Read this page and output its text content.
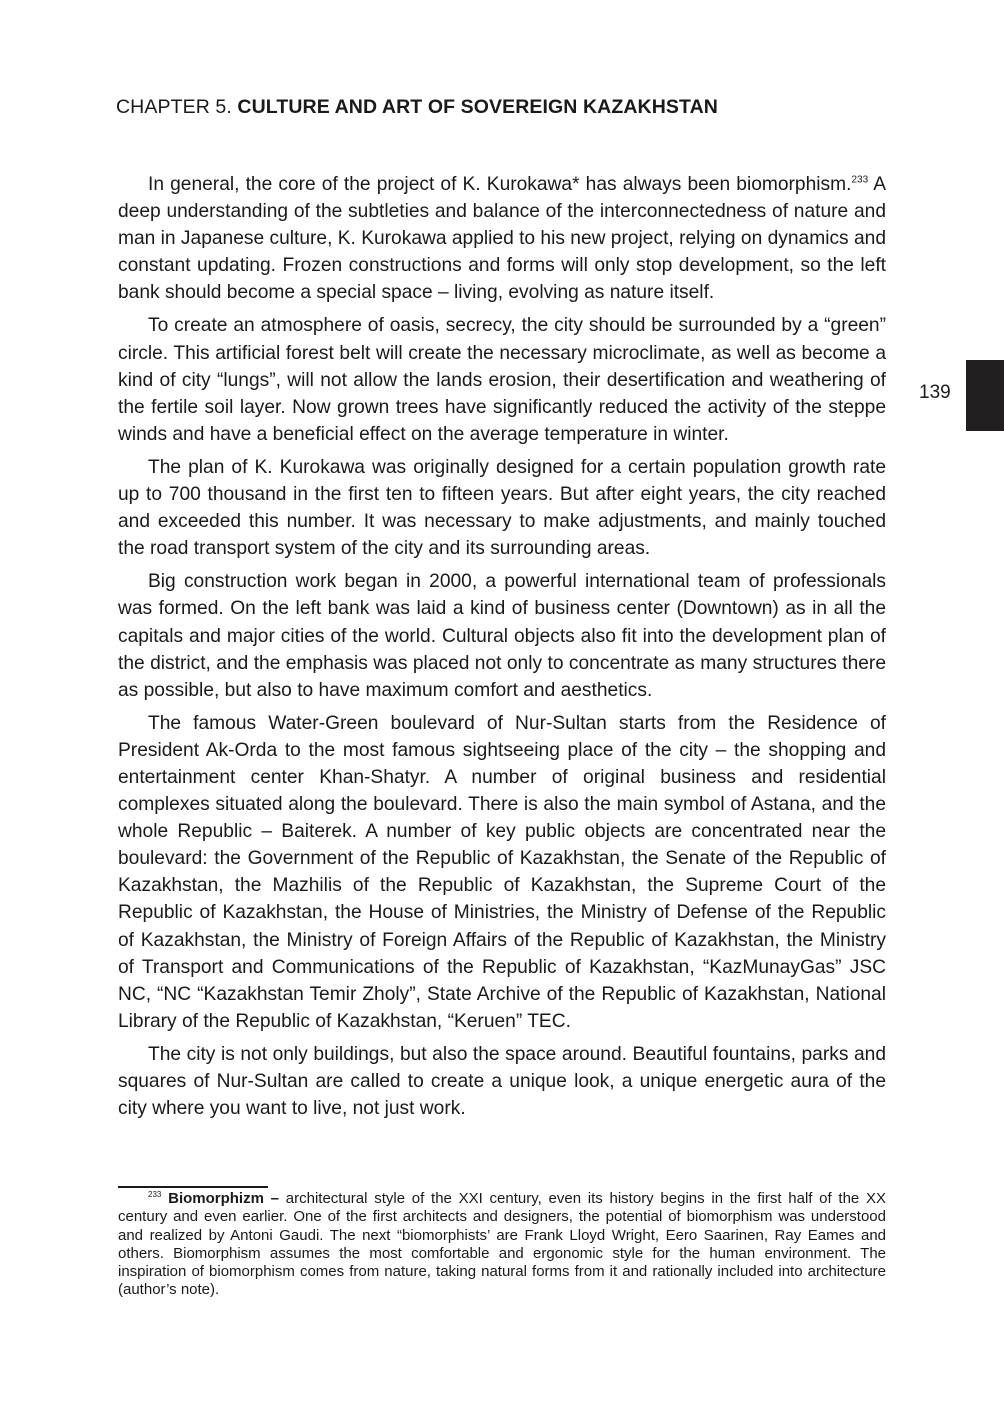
CHAPTER 5. CULTURE AND ART OF SOVEREIGN KAZAKHSTAN
139

In general, the core of the project of K. Kurokawa* has always been biomorphism.$^{233}$ A deep understanding of the subtleties and balance of the interconnectedness of nature and man in Japanese culture, K. Kurokawa applied to his new project, relying on dynamics and constant updating. Frozen constructions and forms will only stop development, so the left bank should become a special space – living, evolving as nature itself.

To create an atmosphere of oasis, secrecy, the city should be surrounded by a “green” circle. This artificial forest belt will create the necessary microclimate, as well as become a kind of city “lungs”, will not allow the lands erosion, their desertification and weathering of the fertile soil layer. Now grown trees have significantly reduced the activity of the steppe winds and have a beneficial effect on the average temperature in winter.

The plan of K. Kurokawa was originally designed for a certain population growth rate up to 700 thousand in the first ten to fifteen years. But after eight years, the city reached and exceeded this number. It was necessary to make adjustments, and mainly touched the road transport system of the city and its surrounding areas.

Big construction work began in 2000, a powerful international team of professionals was formed. On the left bank was laid a kind of business center (Downtown) as in all the capitals and major cities of the world. Cultural objects also fit into the development plan of the district, and the emphasis was placed not only to concentrate as many structures there as possible, but also to have maximum comfort and aesthetics.

The famous Water-Green boulevard of Nur-Sultan starts from the Residence of President Ak-Orda to the most famous sightseeing place of the city – the shopping and entertainment center Khan-Shatyr. A number of original business and residential complexes situated along the boulevard. There is also the main symbol of Astana, and the whole Republic – Baiterek. A number of key public objects are concentrated near the boulevard: the Government of the Republic of Kazakhstan, the Senate of the Republic of Kazakhstan, the Mazhilis of the Republic of Kazakhstan, the Supreme Court of the Republic of Kazakhstan, the House of Ministries, the Ministry of Defense of the Republic of Kazakhstan, the Ministry of Foreign Affairs of the Republic of Kazakhstan, the Ministry of Transport and Communications of the Republic of Kazakhstan, “KazMunayGas” JSC NC, “NC “Kazakhstan Temir Zholy”, State Archive of the Republic of Kazakhstan, National Library of the Republic of Kazakhstan, “Keruen” TEC.

The city is not only buildings, but also the space around. Beautiful fountains, parks and squares of Nur-Sultan are called to create a unique look, a unique energetic aura of the city where you want to live, not just work.

$^{233}$ Biomorphizm – architectural style of the XXI century, even its history begins in the first half of the XX century and even earlier. One of the first architects and designers, the potential of biomorphism was understood and realized by Antoni Gaudi. The next “biomorphists’ are Frank Lloyd Wright, Eero Saarinen, Ray Eames and others. Biomorphism assumes the most comfortable and ergonomic style for the human environment. The inspiration of biomorphism comes from nature, taking natural forms from it and rationally included into architecture (author’s note).
